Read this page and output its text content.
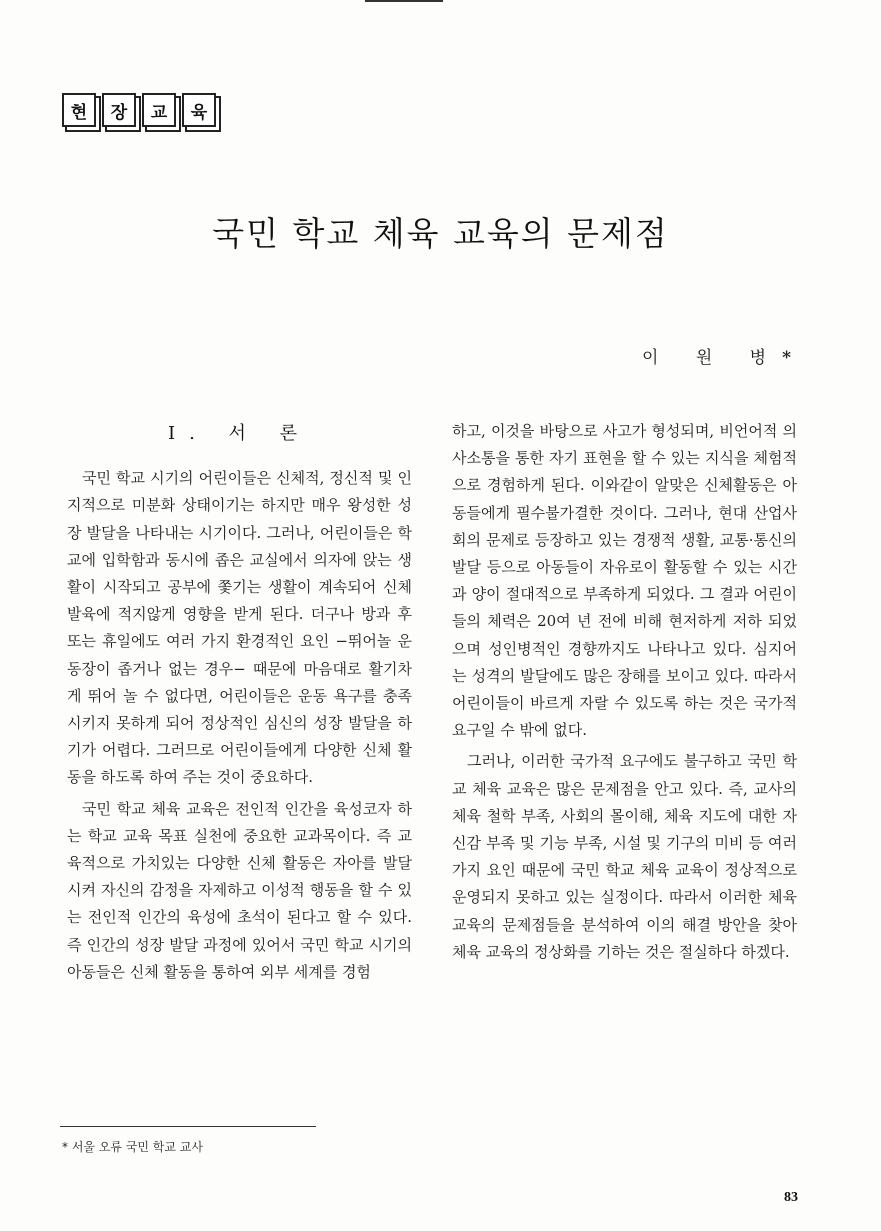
현	장	교	육
국민 학교 체육 교육의 문제점
이 원 병*
I. 서 론

국민 학교 시기의 어린이들은 신체적, 정신적 및 인지적으로 미분화 상태이기는 하지만 매우 왕성한 성장 발달을 나타내는 시기이다. 그러나, 어린이들은 학교에 입학함과 동시에 좁은 교실에서 의자에 앉는 생활이 시작되고 공부에 쫓기는 생활이 계속되어 신체 발육에 적지않게 영향을 받게 된다. 더구나 방과 후 또는 휴일에도 여러 가지 환경적인 요인 −뛰어놀 운동장이 좁거나 없는 경우− 때문에 마음대로 활기차게 뛰어 놀 수 없다면, 어린이들은 운동 욕구를 충족시키지 못하게 되어 정상적인 심신의 성장 발달을 하기가 어렵다. 그러므로 어린이들에게 다양한 신체 활동을 하도록 하여 주는 것이 중요하다.

국민 학교 체육 교육은 전인적 인간을 육성코자 하는 학교 교육 목표 실천에 중요한 교과목이다. 즉 교육적으로 가치있는 다양한 신체 활동은 자아를 발달시켜 자신의 감정을 자제하고 이성적 행동을 할 수 있는 전인적 인간의 육성에 초석이 된다고 할 수 있다. 즉 인간의 성장 발달 과정에 있어서 국민 학교 시기의 아동들은 신체 활동을 통하여 외부 세계를 경험

하고, 이것을 바탕으로 사고가 형성되며, 비언어적 의사소통을 통한 자기 표현을 할 수 있는 지식을 체험적으로 경험하게 된다. 이와같이 알맞은 신체활동은 아동들에게 필수불가결한 것이다. 그러나, 현대 산업사회의 문제로 등장하고 있는 경쟁적 생활, 교통·통신의 발달 등으로 아동들이 자유로이 활동할 수 있는 시간과 양이 절대적으로 부족하게 되었다. 그 결과 어린이들의 체력은 20여 년 전에 비해 현저하게 저하 되었으며 성인병적인 경향까지도 나타나고 있다. 심지어는 성격의 발달에도 많은 장해를 보이고 있다. 따라서 어린이들이 바르게 자랄 수 있도록 하는 것은 국가적 요구일 수 밖에 없다.

그러나, 이러한 국가적 요구에도 불구하고 국민 학교 체육 교육은 많은 문제점을 안고 있다. 즉, 교사의 체육 철학 부족, 사회의 몰이해, 체육 지도에 대한 자신감 부족 및 기능 부족, 시설 및 기구의 미비 등 여러 가지 요인 때문에 국민 학교 체육 교육이 정상적으로 운영되지 못하고 있는 실정이다. 따라서 이러한 체육 교육의 문제점들을 분석하여 이의 해결 방안을 찾아 체육 교육의 정상화를 기하는 것은 절실하다 하겠다.

* 서울 오류 국민 학교 교사
83
